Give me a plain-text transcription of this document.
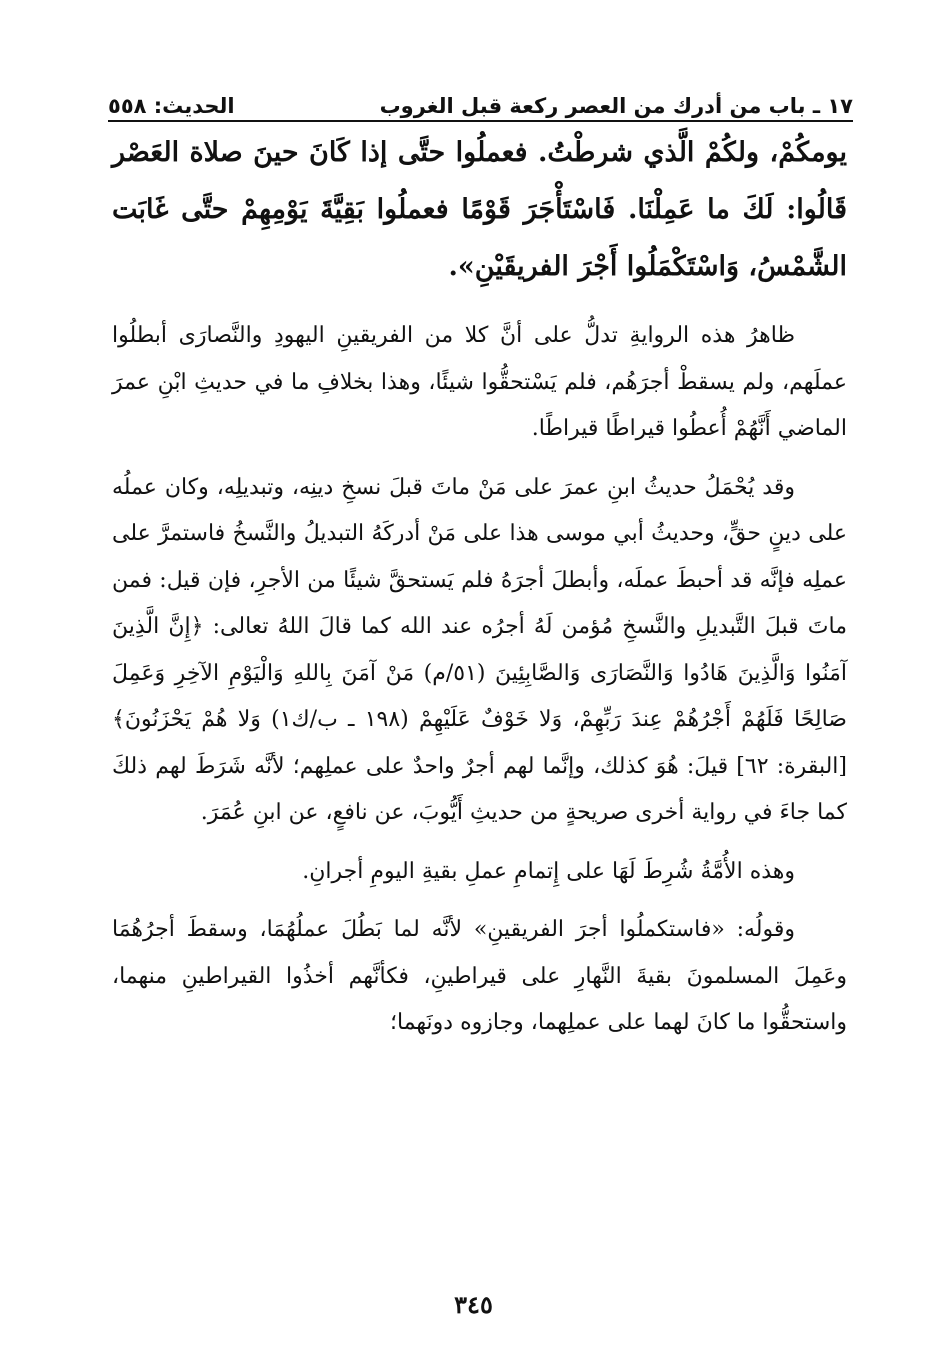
١٧ ـ باب من أدرك من العصر ركعة قبل الغروب
الحديث: ٥٥٨

يومكُمْ، ولكُمْ الَّذي شرطْتُ. فعملُوا حتَّى إذا كَانَ حينَ صلاة العَصْر قَالُوا: لَكَ ما عَمِلْنَا. فَاسْتَأْجَرَ قَوْمًا فعملُوا بَقِيَّةَ يَوْمِهِمْ حتَّى غَابَت الشَّمْسُ، وَاسْتَكْمَلُوا أَجْرَ الفريقَيْنِ».

ظاهرُ هذه الروايةِ تدلُّ على أنَّ كلا من الفريقينِ اليهودِ والنَّصارَى أبطلُوا عملَهم، ولم يسقطْ أجرَهُم، فلم يَسْتحقُّوا شيئًا، وهذا بخلافِ ما في حديثِ ابْنِ عمرَ الماضي أَنَّهُمْ أُعطُوا قيراطًا قيراطًا.

وقد يُحْمَلُ حديثُ ابنِ عمرَ على مَنْ ماتَ قبلَ نسخِ دينِه، وتبديلِه، وكان عملُه على دينٍ حقٍّ، وحديثُ أبي موسى هذا على مَنْ أدركَهُ التبديلُ والنَّسخُ فاستمرَّ على عملِه فإنَّه قد أحبطَ عملَه، وأبطلَ أجرَهُ فلم يَستحقَّ شيئًا من الأجرِ، فإن قيل: فمن ماتَ قبلَ التَّبديلِ والنَّسخِ مُؤمن لَهُ أجرُه عند الله كما قالَ اللهُ تعالى: ﴿إِنَّ الَّذِينَ آمَنُوا وَالَّذِينَ هَادُوا وَالنَّصَارَى وَالصَّابِئِينَ (٥١/م) مَنْ آمَنَ بِاللهِ وَالْيَوْمِ الآخِرِ وَعَمِلَ صَالِحًا فَلَهُمْ أَجْرُهُمْ عِندَ رَبِّهِمْ، وَلا خَوْفٌ عَلَيْهِمْ (١٩٨ ـ ب/ك١) وَلا هُمْ يَحْزَنُونَ﴾ [البقرة: ٦٢] قيلَ: هُوَ كذلك، وإنَّما لهم أجرٌ واحدٌ على عملِهم؛ لأنَّه شَرَطَ لهم ذلكَ كما جاءَ في رواية أخرى صريحةٍ من حديثِ أَيُّوبَ، عن نافعٍ، عن ابنِ عُمَرَ.

وهذه الأُمَّةُ شُرِطَ لَهَا على إِتمامِ عملِ بقيةِ اليومِ أجرانِ.

وقولُه: «فاستكملُوا أجرَ الفريقينِ» لأنَّه لما بَطُلَ عملُهُمَا، وسقطَ أجرُهُمَا وعَمِلَ المسلمونَ بقيةَ النَّهارِ على قيراطينِ، فكأنَّهم أخذُوا القيراطينِ منهما، واستحقُّوا ما كانَ لهما على عملِهما، وجازوه دونَهما؛

٣٤٥
